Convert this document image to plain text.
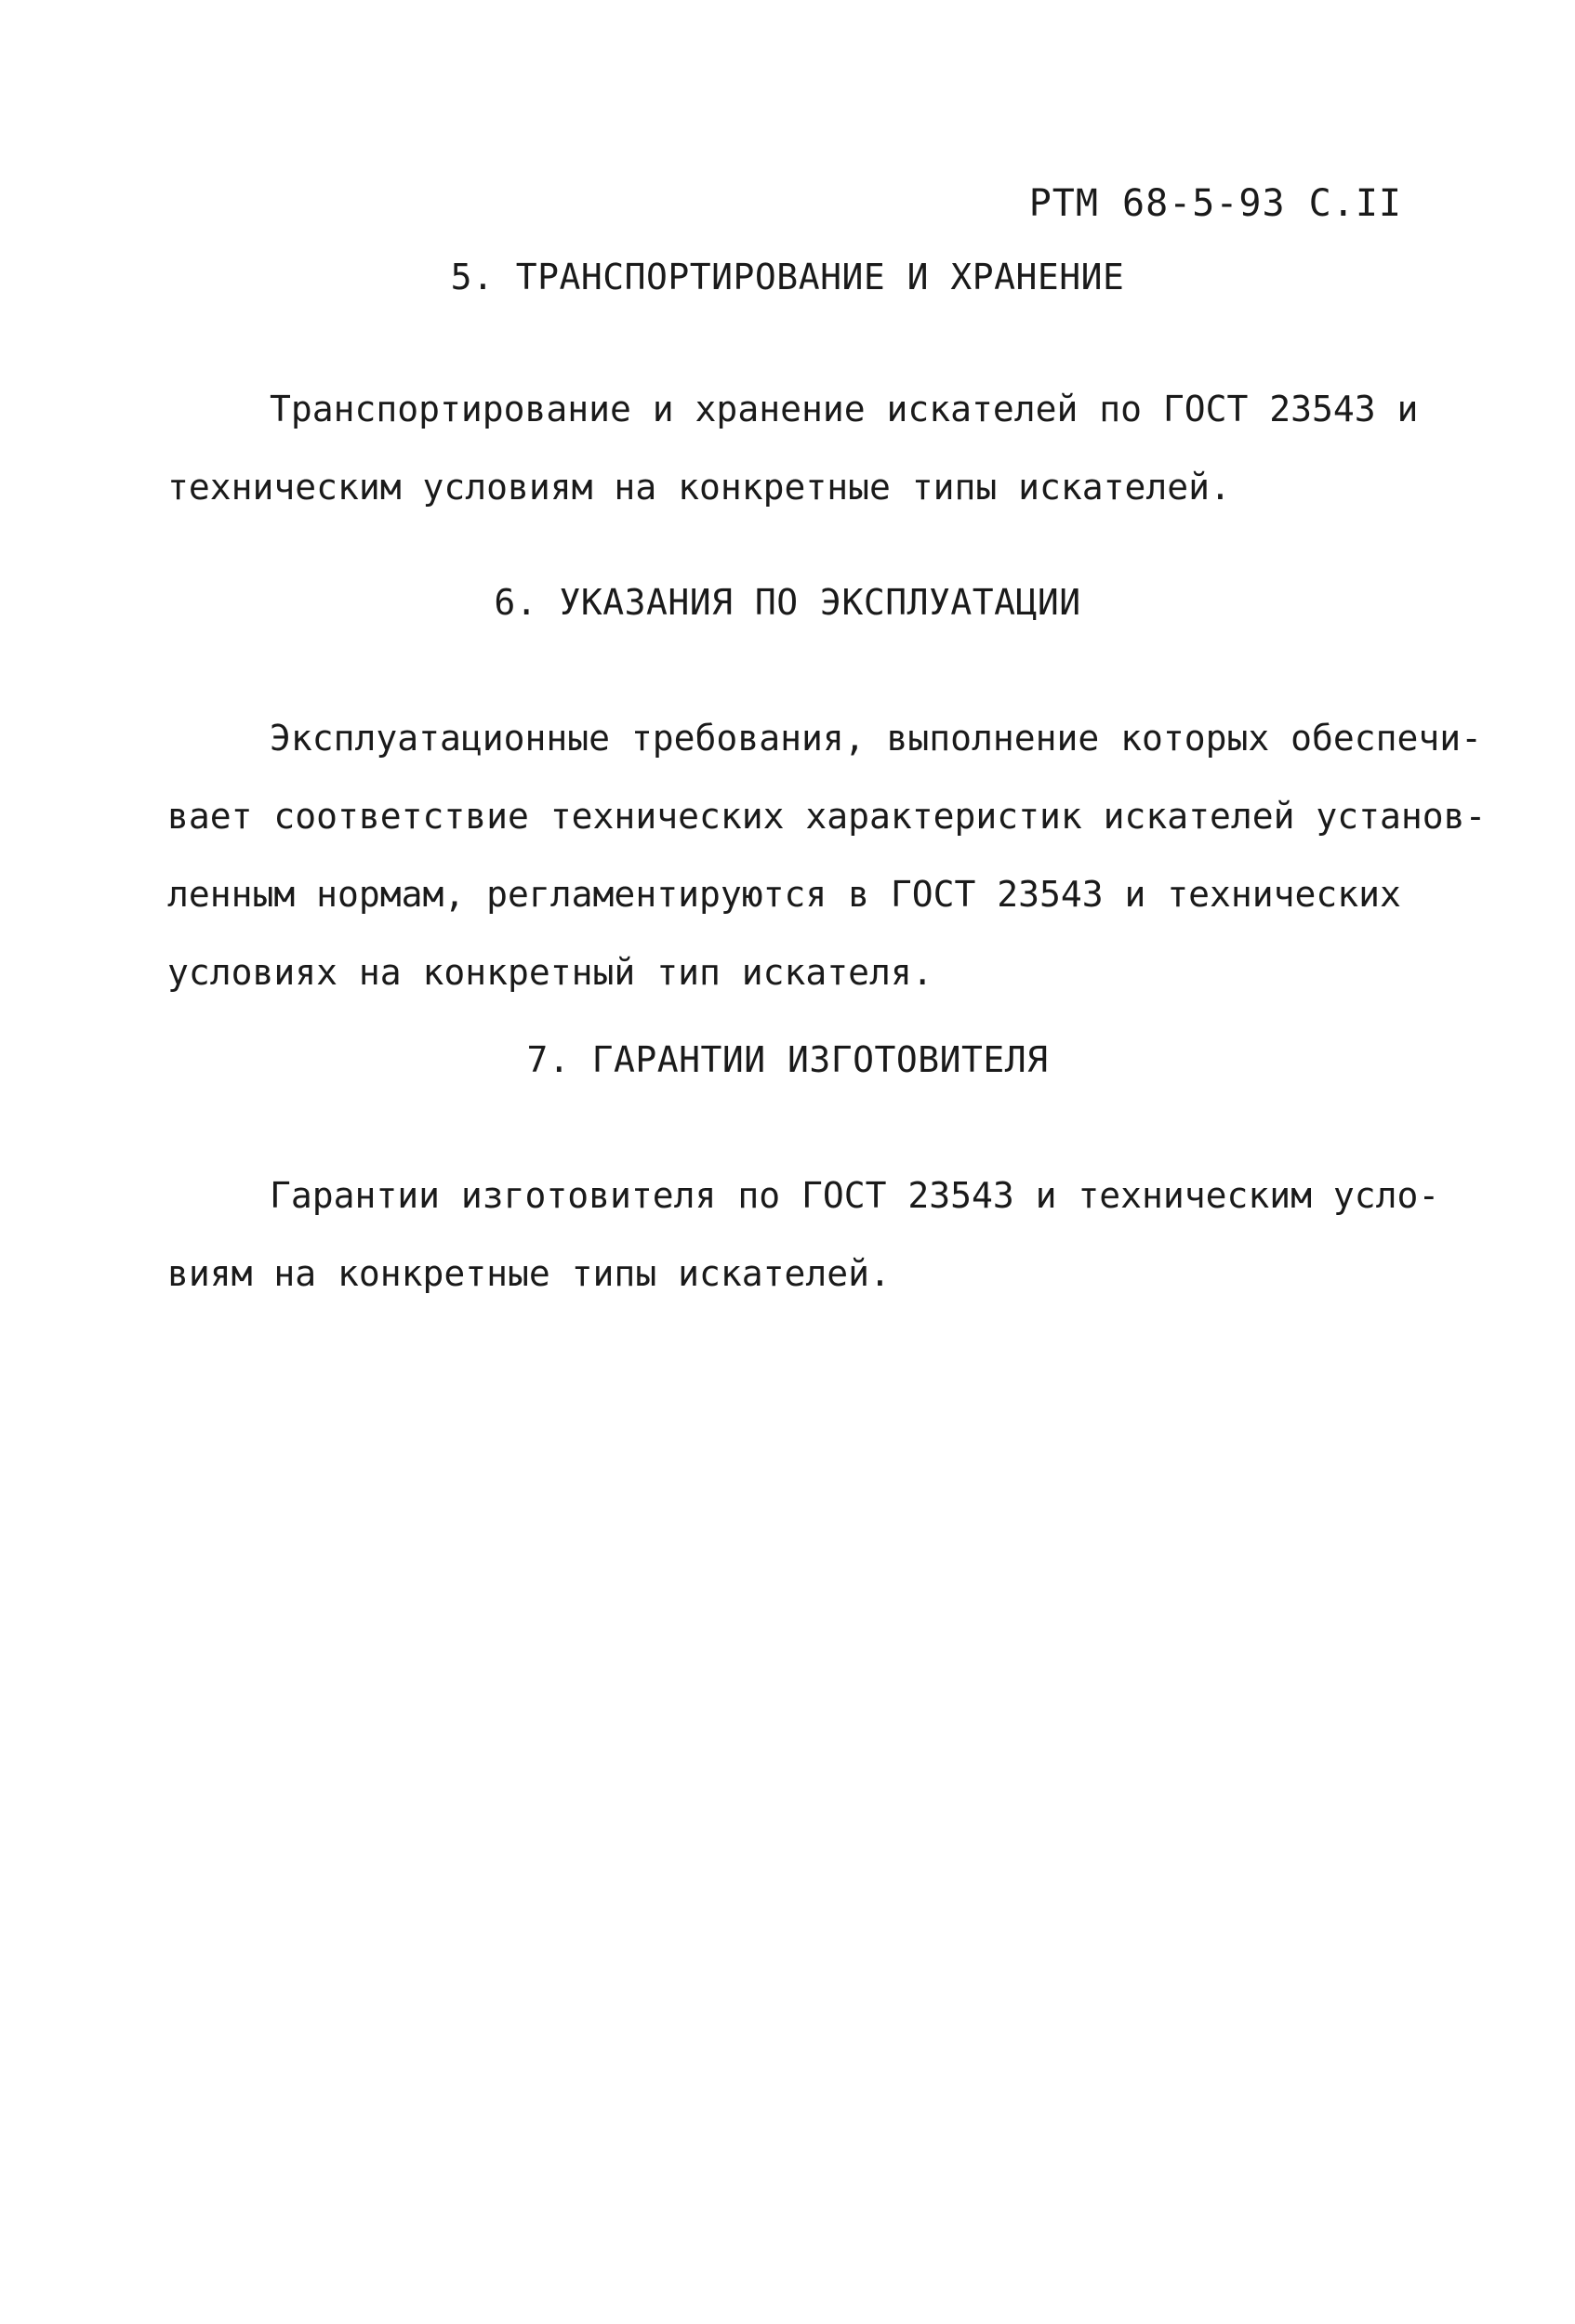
РТМ 68-5-93 С.II
5. ТРАНСПОРТИРОВАНИЕ И ХРАНЕНИЕ
Транспортирование и хранение искателей по ГОСТ 23543 и
техническим условиям на конкретные типы искателей.
6. УКАЗАНИЯ ПО ЭКСПЛУАТАЦИИ
Эксплуатационные требования, выполнение которых обеспечи-
вает соответствие технических характеристик искателей установ-
ленным нормам, регламентируются в ГОСТ 23543 и технических
условиях на конкретный тип искателя.
7. ГАРАНТИИ ИЗГОТОВИТЕЛЯ
Гарантии изготовителя по ГОСТ 23543 и техническим усло-
виям на конкретные типы искателей.
